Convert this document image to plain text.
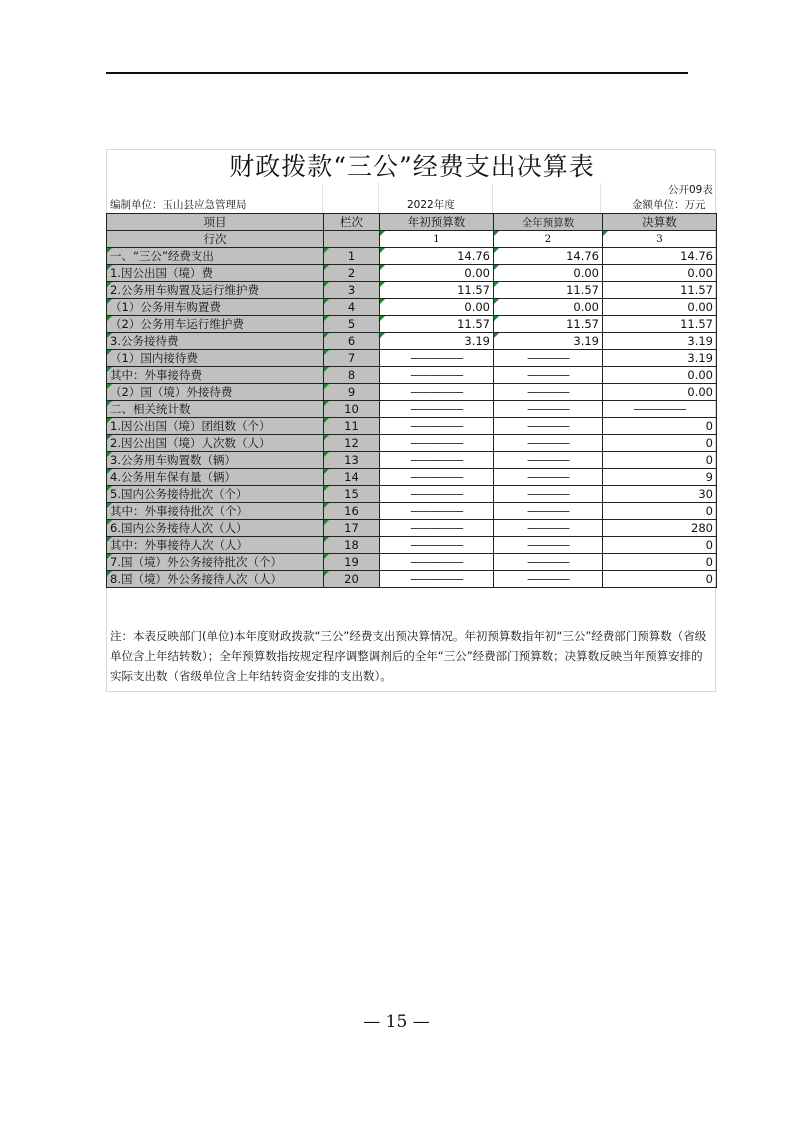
财政拨款“三公”经费支出决算表
公开09表
编制单位：玉山县应急管理局	2022年度	金额单位：万元
项目	栏次	年初预算数	全年预算数	决算数
行次		1	2	3
一、“三公”经费支出	1	14.76	14.76	14.76
1.因公出国（境）费	2	0.00	0.00	0.00
2.公务用车购置及运行维护费	3	11.57	11.57	11.57
（1）公务用车购置费	4	0.00	0.00	0.00
（2）公务用车运行维护费	5	11.57	11.57	11.57
3.公务接待费	6	3.19	3.19	3.19
（1）国内接待费	7	—————	————	3.19
其中：外事接待费	8	—————	————	0.00
（2）国（境）外接待费	9	—————	————	0.00
二、相关统计数	10	—————	————	—————
1.因公出国（境）团组数（个）	11	—————	————	0
2.因公出国（境）人次数（人）	12	—————	————	0
3.公务用车购置数（辆）	13	—————	————	0
4.公务用车保有量（辆）	14	—————	————	9
5.国内公务接待批次（个）	15	—————	————	30
其中：外事接待批次（个）	16	—————	————	0
6.国内公务接待人次（人）	17	—————	————	280
其中：外事接待人次（人）	18	—————	————	0
7.国（境）外公务接待批次（个）	19	—————	————	0
8.国（境）外公务接待人次（人）	20	—————	————	0
注：本表反映部门(单位)本年度财政拨款“三公”经费支出预决算情况。年初预算数指年初“三公”经费部门预算数（省级单位含上年结转数）；全年预算数指按规定程序调整调剂后的全年“三公”经费部门预算数；决算数反映当年预算安排的实际支出数（省级单位含上年结转资金安排的支出数）。
— 15 —
